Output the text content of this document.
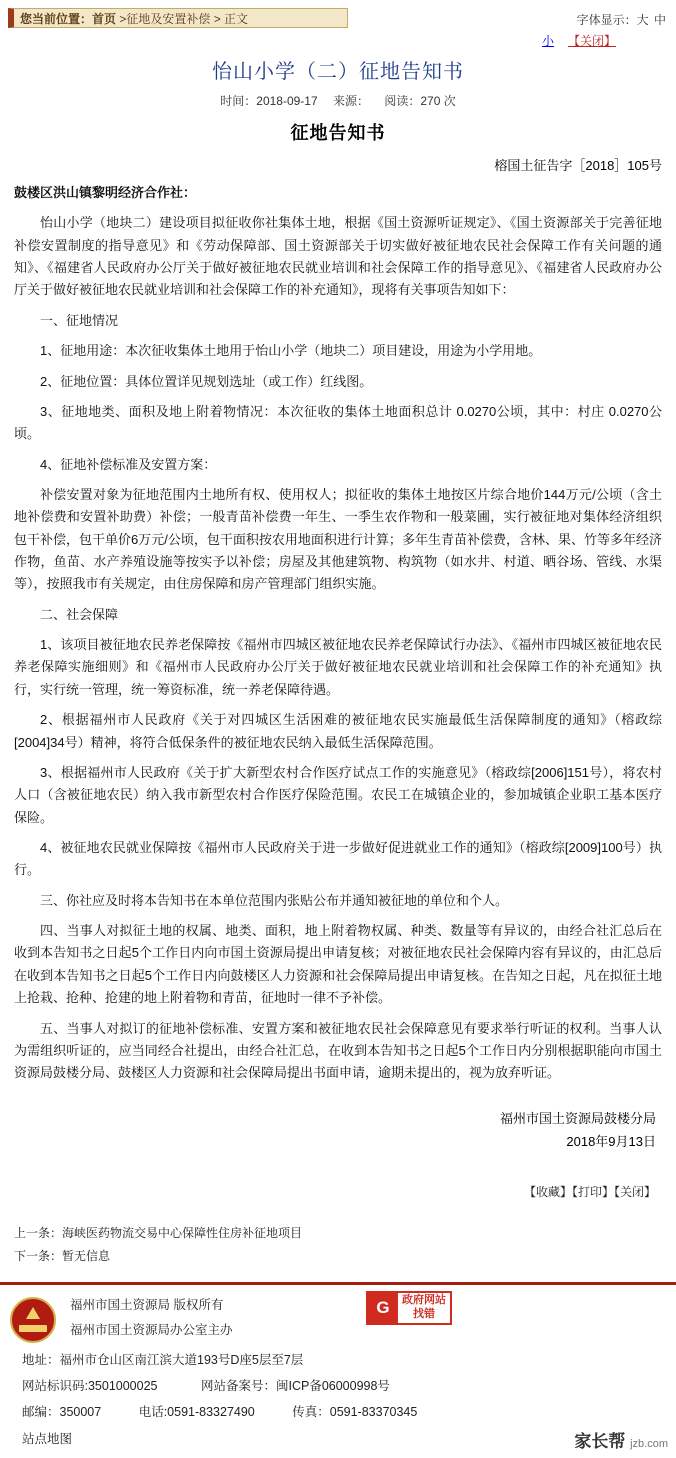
您当前位置：首页 >征地及安置补偿 > 正文	字体显示：大 中
小 【关闭】
怡山小学（二）征地告知书
时间：2018-09-17 来源： 阅读：270 次
征地告知书
榕国土征告字［2018］105号

鼓楼区洪山镇黎明经济合作社：

怡山小学（地块二）建设项目拟征收你社集体土地，根据《国土资源听证规定》、《国土资源部关于完善征地补偿安置制度的指导意见》和《劳动保障部、国土资源部关于切实做好被征地农民社会保障工作有关问题的通知》、《福建省人民政府办公厅关于做好被征地农民就业培训和社会保障工作的指导意见》、《福建省人民政府办公厅关于做好被征地农民就业培训和社会保障工作的补充通知》，现将有关事项告知如下：

一、征地情况

1、征地用途：本次征收集体土地用于怡山小学（地块二）项目建设，用途为小学用地。

2、征地位置：具体位置详见规划选址（或工作）红线图。

3、征地地类、面积及地上附着物情况：本次征收的集体土地面积总计 0.0270公顷，其中：村庄 0.0270公顷。

4、征地补偿标准及安置方案：

补偿安置对象为征地范围内土地所有权、使用权人；拟征收的集体土地按区片综合地价144万元/公顷（含土地补偿费和安置补助费）补偿；一般青苗补偿费一年生、一季生农作物和一般菜圃，实行被征地对集体经济组织包干补偿，包干单价6万元/公顷，包干面积按农用地面积进行计算；多年生青苗补偿费，含林、果、竹等多年经济作物，鱼苗、水产养殖设施等按实予以补偿；房屋及其他建筑物、构筑物（如水井、村道、晒谷场、管线、水渠等），按照我市有关规定，由住房保障和房产管理部门组织实施。

二、社会保障

1、该项目被征地农民养老保障按《福州市四城区被征地农民养老保障试行办法》、《福州市四城区被征地农民养老保障实施细则》和《福州市人民政府办公厅关于做好被征地农民就业培训和社会保障工作的补充通知》执行，实行统一管理，统一筹资标准，统一养老保障待遇。

2、根据福州市人民政府《关于对四城区生活困难的被征地农民实施最低生活保障制度的通知》（榕政综[2004]34号）精神，将符合低保条件的被征地农民纳入最低生活保障范围。

3、根据福州市人民政府《关于扩大新型农村合作医疗试点工作的实施意见》（榕政综[2006]151号），将农村人口（含被征地农民）纳入我市新型农村合作医疗保险范围。农民工在城镇企业的，参加城镇企业职工基本医疗保险。

4、被征地农民就业保障按《福州市人民政府关于进一步做好促进就业工作的通知》（榕政综[2009]100号）执行。

三、你社应及时将本告知书在本单位范围内张贴公布并通知被征地的单位和个人。

四、当事人对拟征土地的权属、地类、面积，地上附着物权属、种类、数量等有异议的，由经合社汇总后在收到本告知书之日起5个工作日内向市国土资源局提出申请复核；对被征地农民社会保障内容有异议的，由汇总后在收到本告知书之日起5个工作日内向鼓楼区人力资源和社会保障局提出申请复核。在告知之日起，凡在拟征土地上抢栽、抢种、抢建的地上附着物和青苗，征地时一律不予补偿。

五、当事人对拟订的征地补偿标准、安置方案和被征地农民社会保障意见有要求举行听证的权利。当事人认为需组织听证的，应当同经合社提出，由经合社汇总，在收到本告知书之日起5个工作日内分别根据职能向市国土资源局鼓楼分局、鼓楼区人力资源和社会保障局提出书面申请，逾期未提出的，视为放弃听证。

福州市国土资源局鼓楼分局
2018年9月13日
【收藏】【打印】【关闭】
上一条：海峡医药物流交易中心保障性住房补征地项目
下一条：暂无信息
福州市国土资源局 版权所有
福州市国土资源局办公室主办
G	政府网站
找错
地址：福州市仓山区南江滨大道193号D座5层至7层
网站标识码:3501000025	网站备案号：闽ICP备06000998号
邮编：350007	电话:0591-83327490	传真：0591-83370345
站点地图	家长帮 jzb.com
